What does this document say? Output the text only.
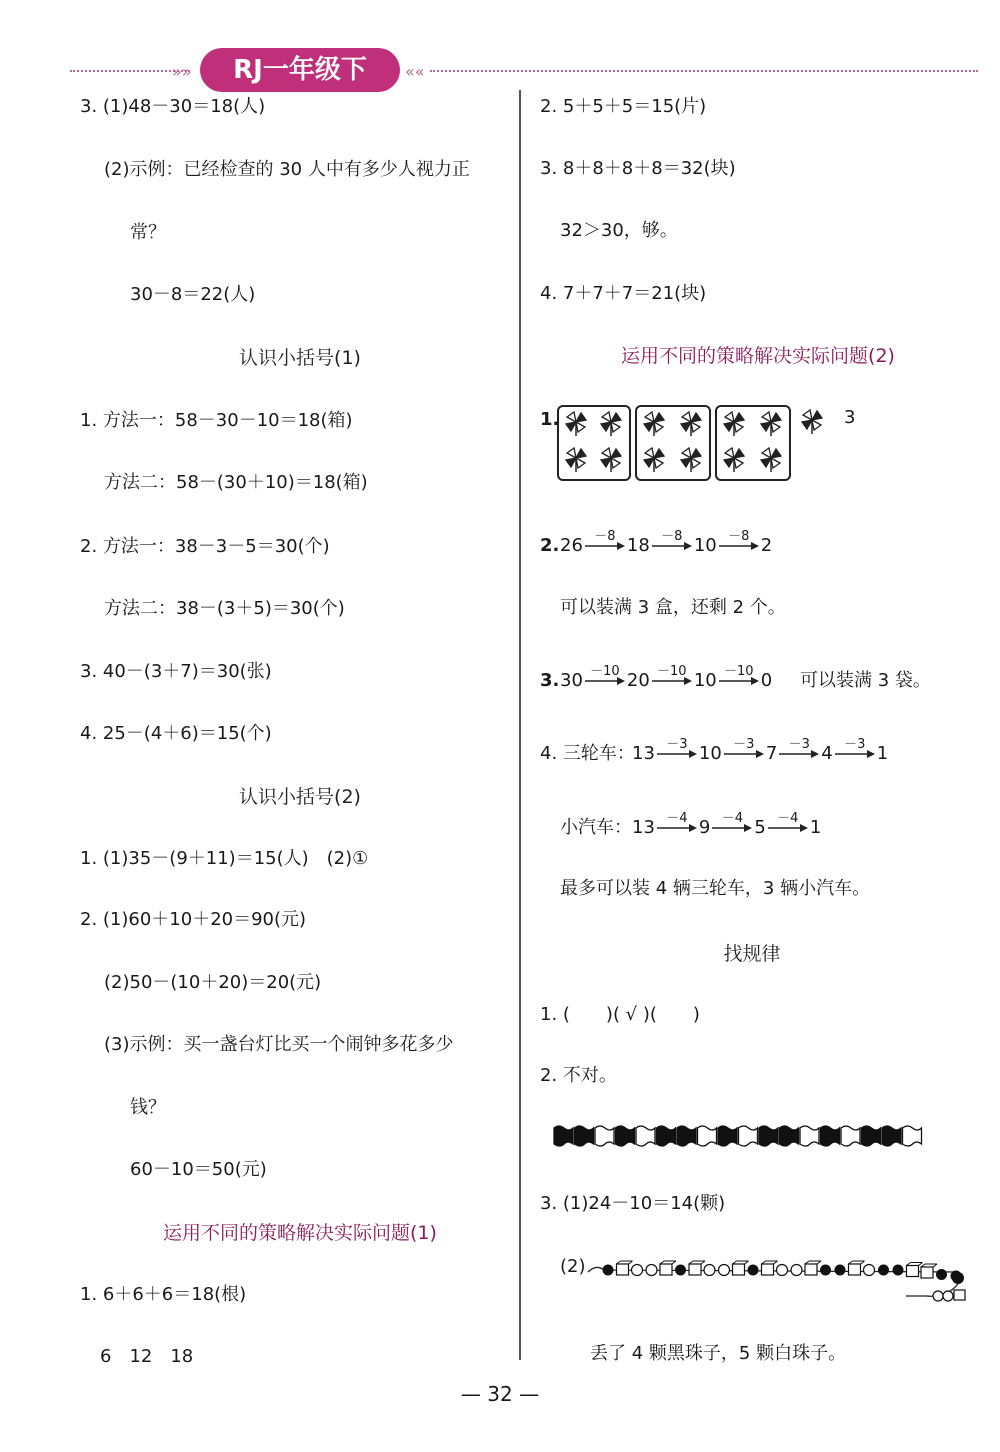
»»	««
RJ一年级下
3. (1)48－30＝18(人)
(2)示例：已经检查的 30 人中有多少人视力正
常？
30－8＝22(人)
认识小括号(1)
1. 方法一：58－30－10＝18(箱)
方法二：58－(30＋10)＝18(箱)
2. 方法一：38－3－5＝30(个)
方法二：38－(3＋5)＝30(个)
3. 40－(3＋7)＝30(张)
4. 25－(4＋6)＝15(个)
认识小括号(2)
1. (1)35－(9＋11)＝15(人)　(2)①
2. (1)60＋10＋20＝90(元)
(2)50－(10＋20)＝20(元)
(3)示例：买一盏台灯比买一个闹钟多花多少
钱？
60－10＝50(元)
运用不同的策略解决实际问题(1)
1. 6＋6＋6＝18(根)
6　12　18
2. 5＋5＋5＝15(片)
3. 8＋8＋8＋8＝32(块)
32＞30，够。
4. 7＋7＋7＝21(块)
运用不同的策略解决实际问题(2)
1.	3
2. 26 －8 18 －8 10 －8 2
可以装满 3 盒，还剩 2 个。
3. 30 －10 20 －10 10 －10 0 可以装满 3 袋。
4. 三轮车：
13 －3 10 －3 7 －3 4 －3 1
小汽车： 13 －4 9 －4 5 －4 1
最多可以装 4 辆三轮车，3 辆小汽车。
找规律
1. (　　)( √ )(　　)
2. 不对。
3. (1)24－10＝14(颗)
(2)
丢了 4 颗黑珠子，5 颗白珠子。
— 32 —
